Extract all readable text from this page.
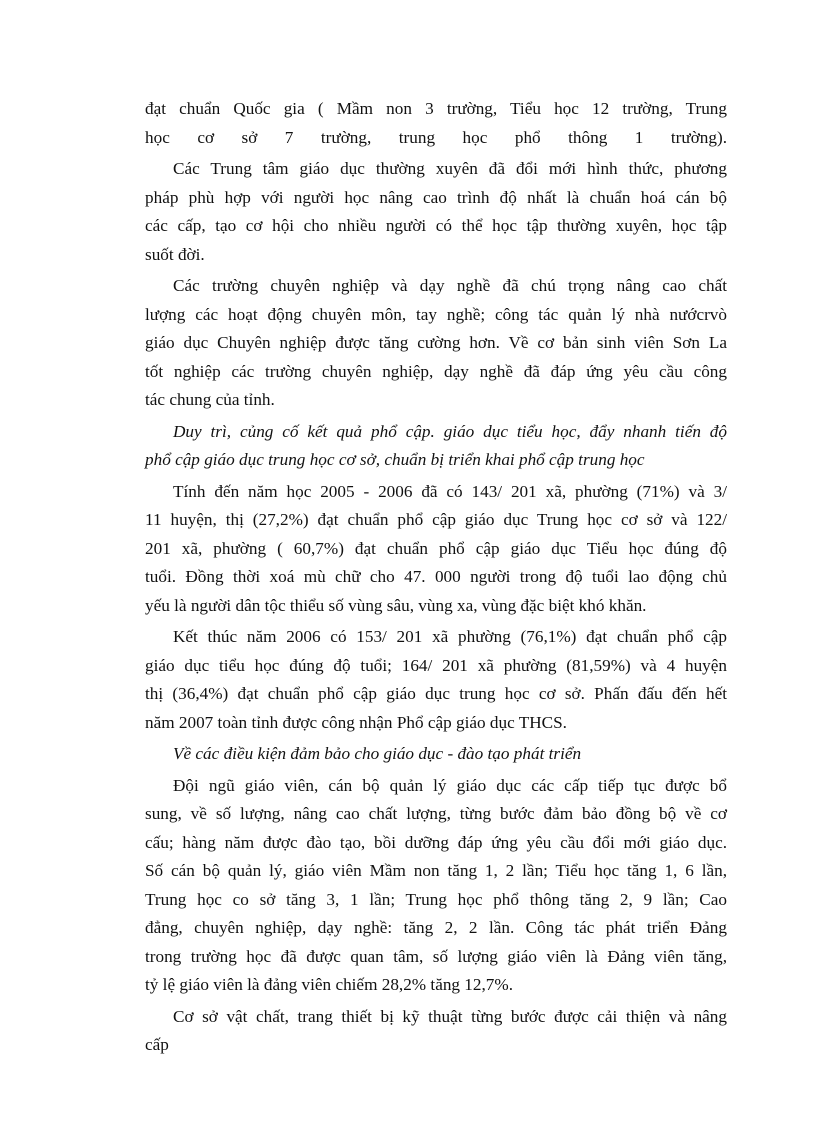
đạt chuẩn Quốc gia ( Mầm non 3 trường, Tiểu học 12 trường, Trung
học cơ sở 7 trường, trung học phổ thông 1 trường).
Các Trung tâm giáo dục thường xuyên đã đổi mới hình thức, phương
pháp phù hợp với người học nâng cao trình độ nhất là chuẩn hoá cán bộ
các cấp, tạo cơ hội cho nhiều người có thể học tập thường xuyên, học tập
suốt đời.
Các trường chuyên nghiệp và dạy nghề đã chú trọng nâng cao chất
lượng các hoạt động chuyên môn, tay nghề; công tác quản lý nhà nướcrvò
giáo dục Chuyên nghiệp được tăng cường hơn. Về cơ bản sinh viên Sơn La
tốt nghiệp các trường chuyên nghiệp, dạy nghề đã đáp ứng yêu cầu công
tác chung của tỉnh.
Duy trì, củng cố kết quả phổ cập. giáo dục tiểu học, đẩy nhanh tiến độ
phổ cập giáo dục trung học cơ sở, chuẩn bị triển khai phổ cập trung học
Tính đến năm học 2005 - 2006 đã có 143/ 201 xã, phường (71%) và 3/
11 huyện, thị (27,2%) đạt chuẩn phổ cập giáo dục Trung học cơ sở và 122/
201 xã, phường ( 60,7%) đạt chuẩn phổ cập giáo dục Tiểu học đúng độ
tuổi. Đồng thời xoá mù chữ cho 47. 000 người trong độ tuổi lao động chủ
yếu là người dân tộc thiểu số vùng sâu, vùng xa, vùng đặc biệt khó khăn.
Kết thúc năm 2006 có 153/ 201 xã phường (76,1%) đạt chuẩn phổ cập
giáo dục tiểu học đúng độ tuổi; 164/ 201 xã phường (81,59%) và 4 huyện
thị (36,4%) đạt chuẩn phổ cập giáo dục trung học cơ sở. Phấn đấu đến hết
năm 2007 toàn tỉnh được công nhận Phổ cập giáo dục THCS.
Về các điều kiện đảm bảo cho giáo dục - đào tạo phát triển
Đội ngũ giáo viên, cán bộ quản lý giáo dục các cấp tiếp tục được bổ
sung, về số lượng, nâng cao chất lượng, từng bước đảm bảo đồng bộ về cơ
cấu; hàng năm được đào tạo, bồi dưỡng đáp ứng yêu cầu đổi mới giáo dục.
Số cán bộ quản lý, giáo viên Mầm non tăng 1, 2 lần; Tiểu học tăng 1, 6 lần,
Trung học co sở tăng 3, 1 lần; Trung học phổ thông tăng 2, 9 lần; Cao
đẳng, chuyên nghiệp, dạy nghề: tăng 2, 2 lần. Công tác phát triển Đảng
trong trường học đã được quan tâm, số lượng giáo viên là Đảng viên tăng,
tỷ lệ giáo viên là đảng viên chiếm 28,2% tăng 12,7%.
Cơ sở vật chất, trang thiết bị kỹ thuật từng bước được cải thiện và nâng
cấp
